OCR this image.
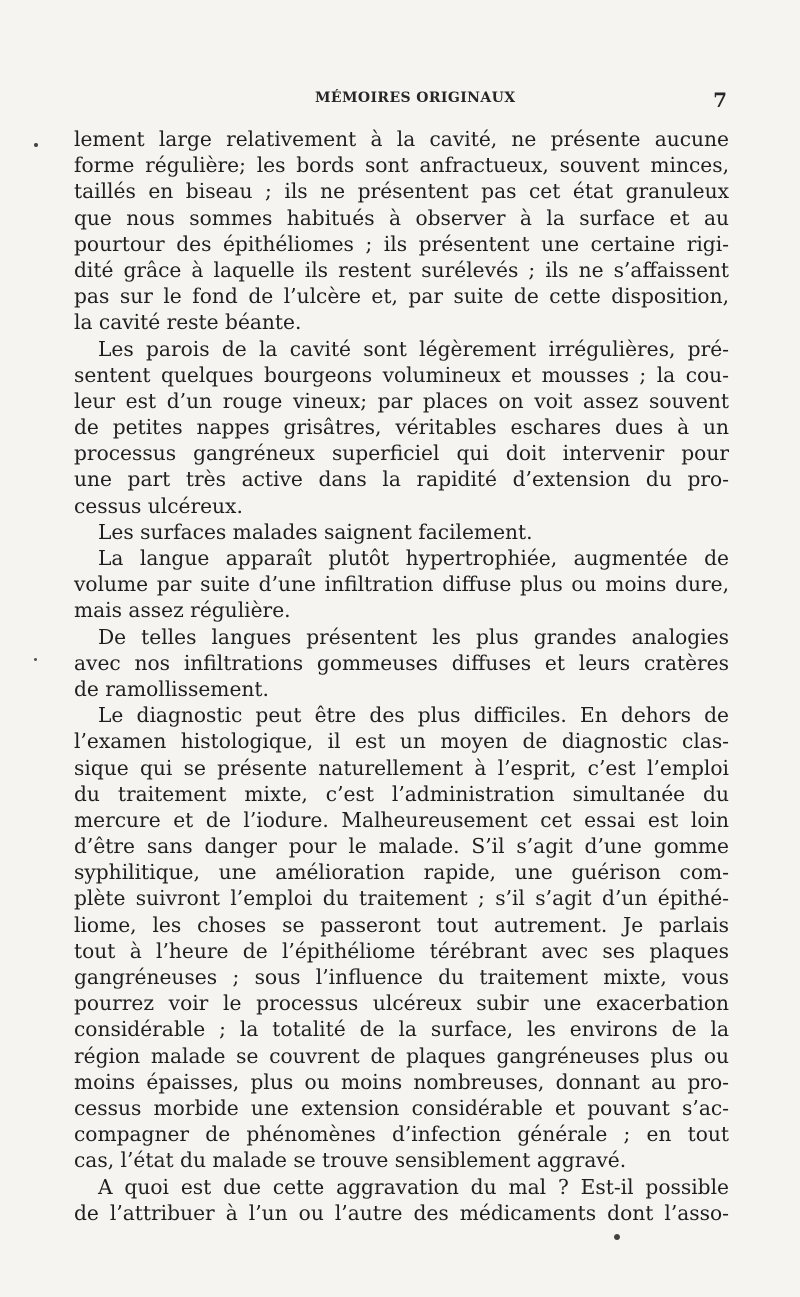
MÉMOIRES ORIGINAUX	7
lement large relativement à la cavité, ne présente aucune
forme régulière; les bords sont anfractueux, souvent minces,
taillés en biseau ; ils ne présentent pas cet état granuleux
que nous sommes habitués à observer à la surface et au
pourtour des épithéliomes ; ils présentent une certaine rigi-
dité grâce à laquelle ils restent surélevés ; ils ne s’affaissent
pas sur le fond de l’ulcère et, par suite de cette disposition,
la cavité reste béante.
Les parois de la cavité sont légèrement irrégulières, pré-
sentent quelques bourgeons volumineux et mousses ; la cou-
leur est d’un rouge vineux; par places on voit assez souvent
de petites nappes grisâtres, véritables eschares dues à un
processus gangréneux superficiel qui doit intervenir pour
une part très active dans la rapidité d’extension du pro-
cessus ulcéreux.
Les surfaces malades saignent facilement.
La langue apparaît plutôt hypertrophiée, augmentée de
volume par suite d’une infiltration diffuse plus ou moins dure,
mais assez régulière.
De telles langues présentent les plus grandes analogies
avec nos infiltrations gommeuses diffuses et leurs cratères
de ramollissement.
Le diagnostic peut être des plus difficiles. En dehors de
l’examen histologique, il est un moyen de diagnostic clas-
sique qui se présente naturellement à l’esprit, c’est l’emploi
du traitement mixte, c’est l’administration simultanée du
mercure et de l’iodure. Malheureusement cet essai est loin
d’être sans danger pour le malade. S’il s’agit d’une gomme
syphilitique, une amélioration rapide, une guérison com-
plète suivront l’emploi du traitement ; s’il s’agit d’un épithé-
liome, les choses se passeront tout autrement. Je parlais
tout à l’heure de l’épithéliome térébrant avec ses plaques
gangréneuses ; sous l’influence du traitement mixte, vous
pourrez voir le processus ulcéreux subir une exacerbation
considérable ; la totalité de la surface, les environs de la
région malade se couvrent de plaques gangréneuses plus ou
moins épaisses, plus ou moins nombreuses, donnant au pro-
cessus morbide une extension considérable et pouvant s’ac-
compagner de phénomènes d’infection générale ; en tout
cas, l’état du malade se trouve sensiblement aggravé.
A quoi est due cette aggravation du mal ? Est-il possible
de l’attribuer à l’un ou l’autre des médicaments dont l’asso-
